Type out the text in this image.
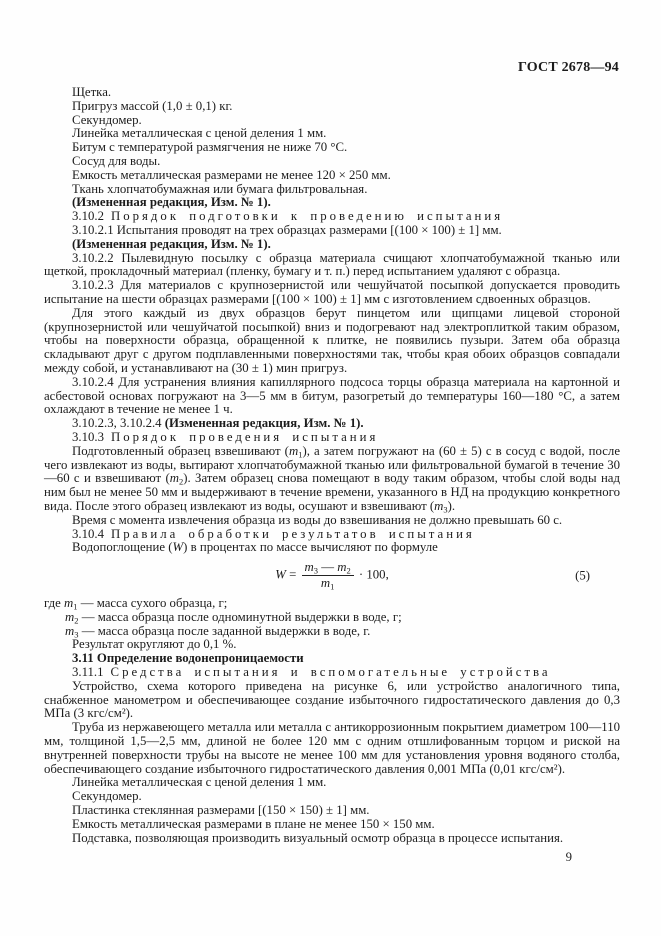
ГОСТ 2678—94

Щетка.

Пригруз массой (1,0 ± 0,1) кг.

Секундомер.

Линейка металлическая с ценой деления 1 мм.

Битум с температурой размягчения не ниже 70 °С.

Сосуд для воды.

Емкость металлическая размерами не менее 120 × 250 мм.

Ткань хлопчатобумажная или бумага фильтровальная.

(Измененная редакция, Изм. № 1).

3.10.2 Порядок подготовки к проведению испытания

3.10.2.1 Испытания проводят на трех образцах размерами [(100 × 100) ± 1] мм.

(Измененная редакция, Изм. № 1).

3.10.2.2 Пылевидную посылку с образца материала счищают хлопчатобумажной тканью или щеткой, прокладочный материал (пленку, бумагу и т. п.) перед испытанием удаляют с образца.

3.10.2.3 Для материалов с крупнозернистой или чешуйчатой посыпкой допускается проводить испытание на шести образцах размерами [(100 × 100) ± 1] мм с изготовлением сдвоенных образцов.

Для этого каждый из двух образцов берут пинцетом или щипцами лицевой стороной (крупнозернистой или чешуйчатой посыпкой) вниз и подогревают над электроплиткой таким образом, чтобы на поверхности образца, обращенной к плитке, не появились пузыри. Затем оба образца складывают друг с другом подплавленными поверхностями так, чтобы края обоих образцов совпадали между собой, и устанавливают на (30 ± 1) мин пригруз.

3.10.2.4 Для устранения влияния капиллярного подсоса торцы образца материала на картонной и асбестовой основах погружают на 3—5 мм в битум, разогретый до температуры 160—180 °С, а затем охлаждают в течение не менее 1 ч.

3.10.2.3, 3.10.2.4 (Измененная редакция, Изм. № 1).

3.10.3 Порядок проведения испытания

Подготовленный образец взвешивают $(m_1)$, а затем погружают на (60 ± 5) с в сосуд с водой, после чего извлекают из воды, вытирают хлопчатобумажной тканью или фильтровальной бумагой в течение 30—60 с и взвешивают $(m_2)$. Затем образец снова помещают в воду таким образом, чтобы слой воды над ним был не менее 50 мм и выдерживают в течение времени, указанного в НД на продукцию конкретного вида. После этого образец извлекают из воды, осушают и взвешивают $(m_3)$.

Время с момента извлечения образца из воды до взвешивания не должно превышать 60 с.

3.10.4 Правила обработки результатов испытания

Водопоглощение (W) в процентах по массе вычисляют по формуле

$W = \frac{m_3 — m_2}{m_1} \cdot 100$,	(5)

где $m_1$ — масса сухого образца, г;

$m_2$ — масса образца после одноминутной выдержки в воде, г;

$m_3$ — масса образца после заданной выдержки в воде, г.

Результат округляют до 0,1 %.

3.11 Определение водонепроницаемости

3.11.1 Средства испытания и вспомогательные устройства

Устройство, схема которого приведена на рисунке 6, или устройство аналогичного типа, снабженное манометром и обеспечивающее создание избыточного гидростатического давления до 0,3 МПа (3 кгс/см²).

Труба из нержавеющего металла или металла с антикоррозионным покрытием диаметром 100—110 мм, толщиной 1,5—2,5 мм, длиной не более 120 мм с одним отшлифованным торцом и риской на внутренней поверхности трубы на высоте не менее 100 мм для установления уровня водяного столба, обеспечивающего создание избыточного гидростатического давления 0,001 МПа (0,01 кгс/см²).

Линейка металлическая с ценой деления 1 мм.

Секундомер.

Пластинка стеклянная размерами [(150 × 150) ± 1] мм.

Емкость металлическая размерами в плане не менее 150 × 150 мм.

Подставка, позволяющая производить визуальный осмотр образца в процессе испытания.

9
